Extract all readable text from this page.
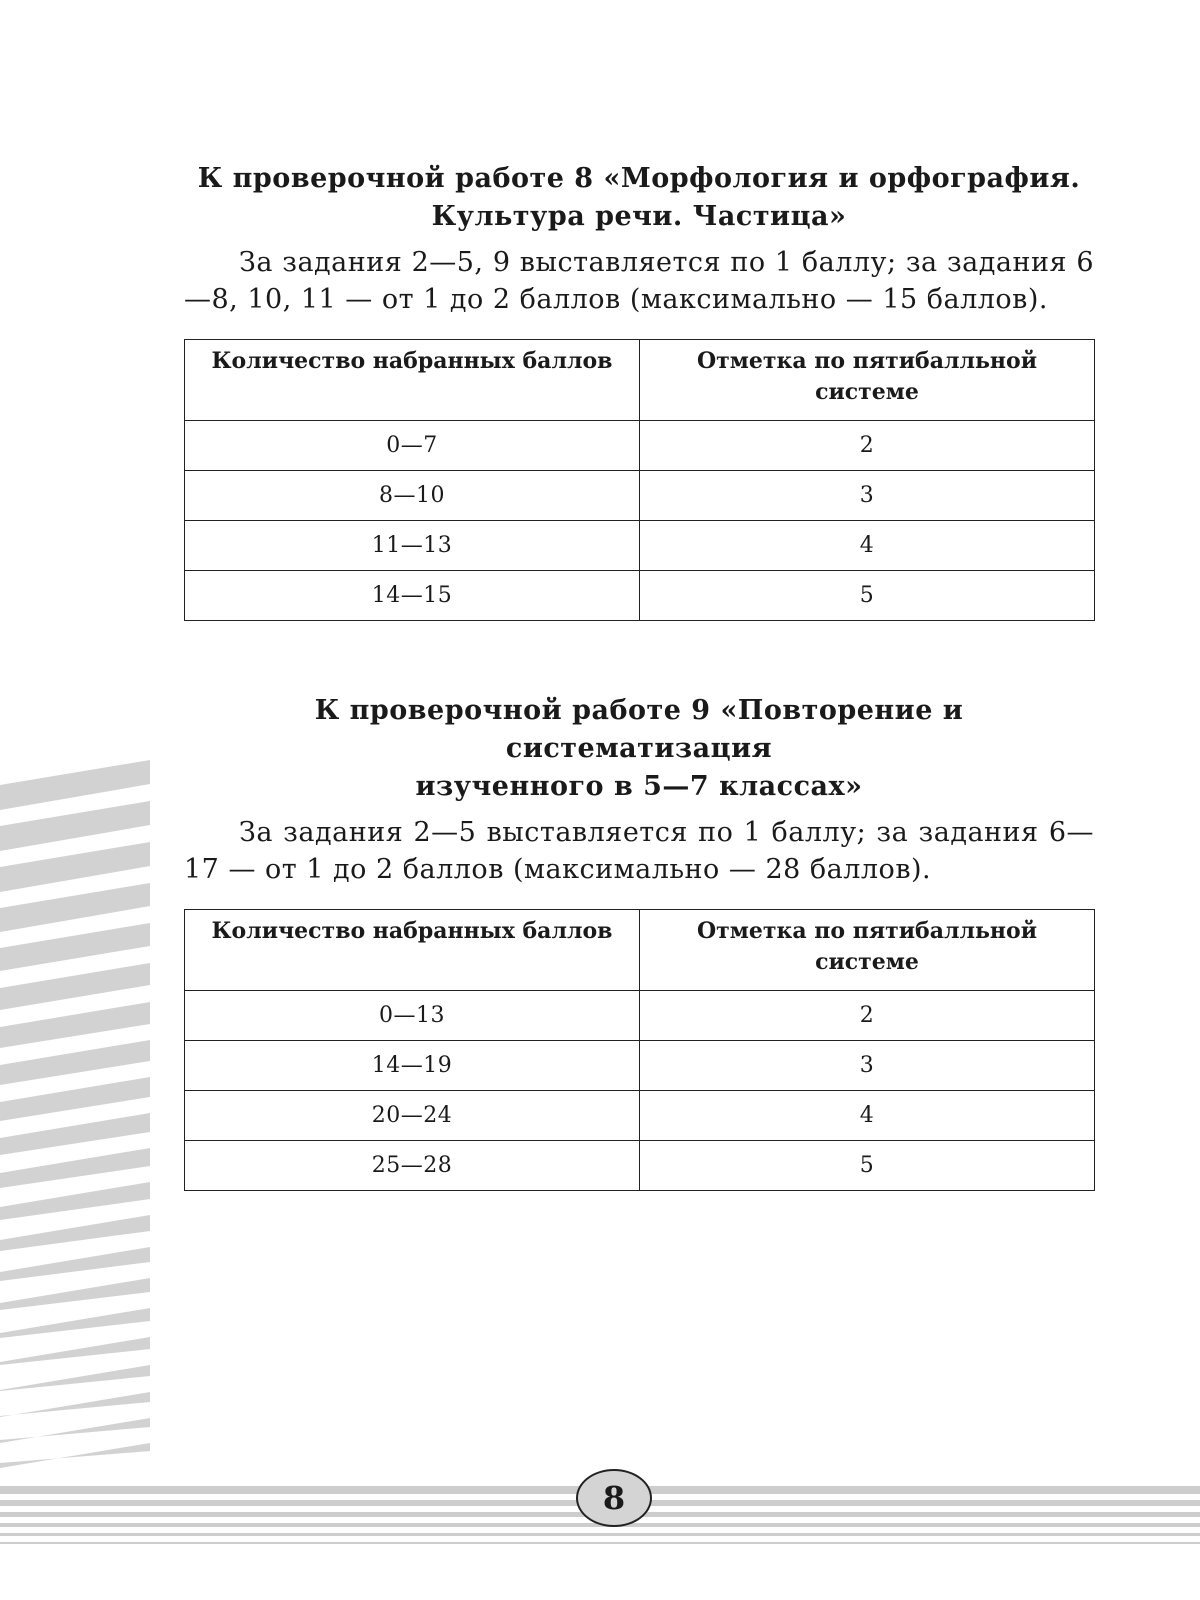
К проверочной работе 8 «Морфология и орфография.
Культура речи. Частица»

За задания 2—5, 9 выставляется по 1 баллу; за задания 6—8, 10, 11 — от 1 до 2 баллов (максимально — 15 баллов).

Количество набранных баллов	Отметка по пятибалльной системе
0—7	2
8—10	3
11—13	4
14—15	5
К проверочной работе 9 «Повторение и систематизация
изученного в 5—7 классах»

За задания 2—5 выставляется по 1 баллу; за задания 6—17 — от 1 до 2 баллов (максимально — 28 баллов).

Количество набранных баллов	Отметка по пятибалльной системе
0—13	2
14—19	3
20—24	4
25—28	5
8
